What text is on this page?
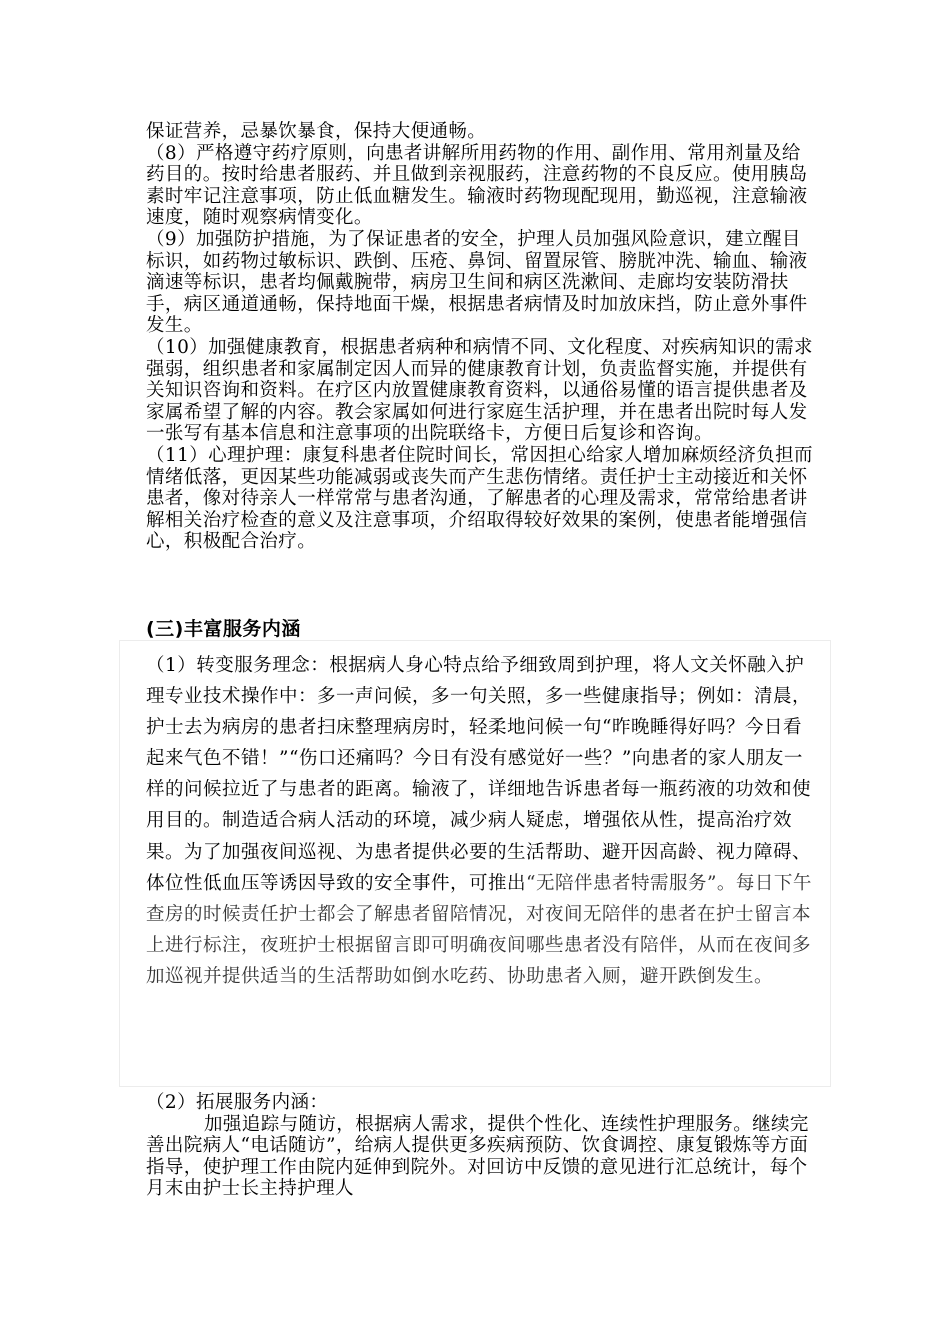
保证营养，忌暴饮暴食，保持大便通畅。

（8）严格遵守药疗原则，向患者讲解所用药物的作用、副作用、常用剂量及给药目的。按时给患者服药、并且做到亲视服药，注意药物的不良反应。使用胰岛素时牢记注意事项，防止低血糖发生。输液时药物现配现用，勤巡视，注意输液速度，随时观察病情变化。

（9）加强防护措施，为了保证患者的安全，护理人员加强风险意识，建立醒目标识，如药物过敏标识、跌倒、压疮、鼻饲、留置尿管、膀胱冲洗、输血、输液滴速等标识，患者均佩戴腕带，病房卫生间和病区洗漱间、走廊均安装防滑扶手，病区通道通畅，保持地面干燥，根据患者病情及时加放床挡，防止意外事件发生。

（10）加强健康教育，根据患者病种和病情不同、文化程度、对疾病知识的需求强弱，组织患者和家属制定因人而异的健康教育计划，负责监督实施，并提供有关知识咨询和资料。在疗区内放置健康教育资料，以通俗易懂的语言提供患者及家属希望了解的内容。教会家属如何进行家庭生活护理，并在患者出院时每人发一张写有基本信息和注意事项的出院联络卡，方便日后复诊和咨询。

（11）心理护理：康复科患者住院时间长，常因担心给家人增加麻烦经济负担而情绪低落，更因某些功能减弱或丧失而产生悲伤情绪。责任护士主动接近和关怀患者，像对待亲人一样常常与患者沟通，了解患者的心理及需求，常常给患者讲解相关治疗检查的意义及注意事项，介绍取得较好效果的案例，使患者能增强信心，积极配合治疗。

(三)丰富服务内涵

（1）转变服务理念：根据病人身心特点给予细致周到护理，将人文关怀融入护理专业技术操作中：多一声问候，多一句关照，多一些健康指导；例如：清晨，护士去为病房的患者扫床整理病房时，轻柔地问候一句“昨晚睡得好吗？今日看起来气色不错！”“伤口还痛吗？今日有没有感觉好一些？”向患者的家人朋友一样的问候拉近了与患者的距离。输液了，详细地告诉患者每一瓶药液的功效和使用目的。制造适合病人活动的环境，减少病人疑虑，增强依从性，提高治疗效果。为了加强夜间巡视、为患者提供必要的生活帮助、避开因高龄、视力障碍、体位性低血压等诱因导致的安全事件，可推出“无陪伴患者特需服务”。每日下午查房的时候责任护士都会了解患者留陪情况，对夜间无陪伴的患者在护士留言本上进行标注，夜班护士根据留言即可明确夜间哪些患者没有陪伴，从而在夜间多加巡视并提供适当的生活帮助如倒水吃药、协助患者入厕，避开跌倒发生。

（2）拓展服务内涵：

加强追踪与随访，根据病人需求，提供个性化、连续性护理服务。继续完善出院病人“电话随访”，给病人提供更多疾病预防、饮食调控、康复锻炼等方面指导，使护理工作由院内延伸到院外。对回访中反馈的意见进行汇总统计，每个月末由护士长主持护理人
